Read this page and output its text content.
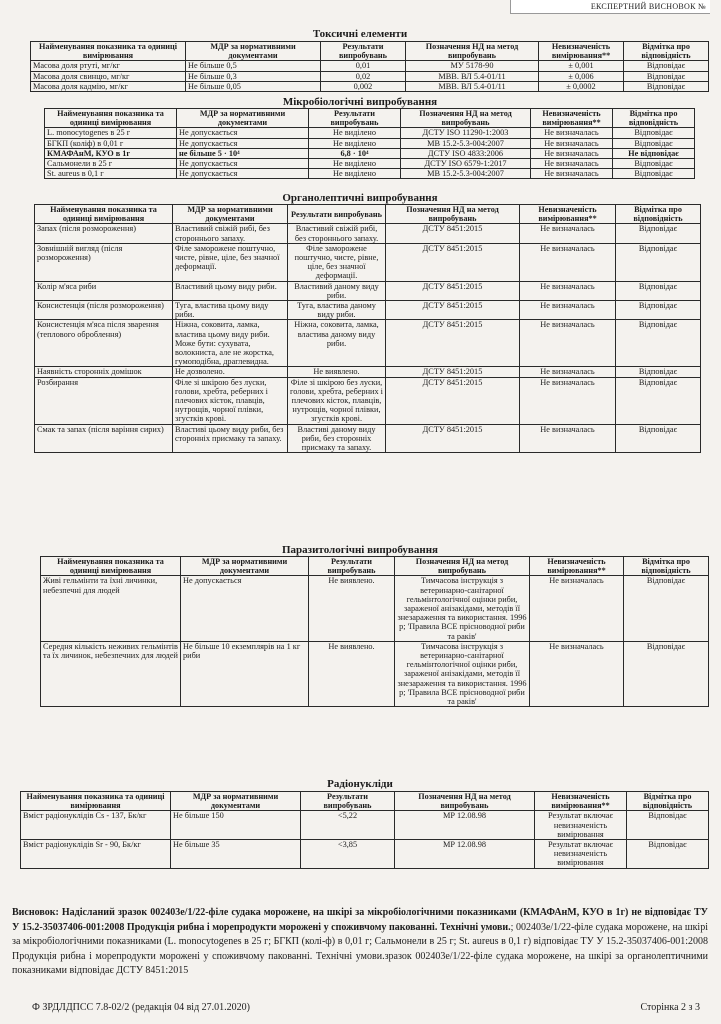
ЕКСПЕРТНИЙ ВИСНОВОК №
Токсичні елементи
Найменування показника та одиниці вимірювання	МДР за нормативними документами	Результати випробувань	Позначення НД на метод випробувань	Невизначеність вимірювання**	Відмітка про відповідність
Масова доля ртуті, мг/кг	Не більше 0,5	0,01	МУ 5178-90	± 0,001	Відповідає
Масова доля свинцю, мг/кг	Не більше 0,3	0,02	МВВ. ВЛ 5.4-01/11	± 0,006	Відповідає
Масова доля кадмію, мг/кг	Не більше 0,05	0,002	МВВ. ВЛ 5.4-01/11	± 0,0002	Відповідає
Мікробіологічні випробування
Найменування показника та одиниці вимірювання	МДР за нормативними документами	Результати випробувань	Позначення НД на метод випробувань	Невизначеність вимірювання**	Відмітка про відповідність
L. monocytogenes в 25 г	Не допускається	Не виділено	ДСТУ ISO 11290-1:2003	Не визначалась	Відповідає
БГКП (коліф) в 0,01 г	Не допускається	Не виділено	МВ 15.2-5.3-004:2007	Не визначалась	Відповідає
КМАФАнМ, КУО в 1г	не більше 5 · 10⁴	6,8 · 10⁴	ДСТУ ISO 4833:2006	Не визначалась	Не відповідає
Сальмонели в 25 г	Не допускається	Не виділено	ДСТУ ISO 6579-1:2017	Не визначалась	Відповідає
St. aureus в 0,1 г	Не допускається	Не виділено	МВ 15.2-5.3-004:2007	Не визначалась	Відповідає
Органолептичні випробування
Найменування показника та одиниці вимірювання	МДР за нормативними документами	Результати випробувань	Позначення НД на метод випробувань	Невизначеність вимірювання**	Відмітка про відповідність
Запах (після розмороження)	Властивий свіжій рибі, без стороннього запаху.	Властивий свіжій рибі, без стороннього запаху.	ДСТУ 8451:2015	Не визначалась	Відповідає
Зовнішній вигляд (після розмороження)	Філе заморожене поштучно, чисте, рівне, ціле, без значної деформації.	Філе заморожене поштучно, чисте, рівне, ціле, без значної деформації.	ДСТУ 8451:2015	Не визначалась	Відповідає
Колір м'яса риби	Властивий цьому виду риби.	Властивий даному виду риби.	ДСТУ 8451:2015	Не визначалась	Відповідає
Консистенція (після розмороження)	Туга, властива цьому виду риби.	Туга, властива даному виду риби.	ДСТУ 8451:2015	Не визначалась	Відповідає
Консистенція м'яса після зварення (теплового оброблення)	Ніжна, соковита, ламка, властива цьому виду риби. Може бути: сухувата, волокниста, але не жорстка, гумоподібна, драглевидна.	Ніжна, соковита, ламка, властива даному виду риби.	ДСТУ 8451:2015	Не визначалась	Відповідає
Наявність сторонніх домішок	Не дозволено.	Не виявлено.	ДСТУ 8451:2015	Не визначалась	Відповідає
Розбирання	Філе зі шкірою без луски, голови, хребта, реберних і плечових кісток, плавців, нутрощів, чорної плівки, згустків крові.	Філе зі шкірою без луски, голови, хребта, реберних і плечових кісток, плавців, нутрощів, чорної плівки, згустків крові.	ДСТУ 8451:2015	Не визначалась	Відповідає
Смак та запах (після варіння сирих)	Властиві цьому виду риби, без сторонніх присмаку та запаху.	Властиві даному виду риби, без сторонніх присмаку та запаху.	ДСТУ 8451:2015	Не визначалась	Відповідає
Паразитологічні випробування
Найменування показника та одиниці вимірювання	МДР за нормативними документами	Результати випробувань	Позначення НД на метод випробувань	Невизначеність вимірювання**	Відмітка про відповідність
Живі гельмінти та їхні личинки, небезпечні для людей	Не допускається	Не виявлено.	Тимчасова інструкція з ветеринарно-санітарної гельмінтологічної оцінки риби, зараженої анізакідами, методів її знезараження та використання. 1996 р; 'Правила ВСЕ прісноводної риби та раків'	Не визначалась	Відповідає
Середня кількість неживих гельмінтів та їх личинок, небезпечних для людей	Не більше 10 екземплярів на 1 кг риби	Не виявлено.	Тимчасова інструкція з ветеринарно-санітарної гельмінтологічної оцінки риби, зараженої анізакідами, методів її знезараження та використання. 1996 р; 'Правила ВСЕ прісноводної риби та раків'	Не визначалась	Відповідає
Радіонукліди
Найменування показника та одиниці вимірювання	МДР за нормативними документами	Результати випробувань	Позначення НД на метод випробувань	Невизначеність вимірювання**	Відмітка про відповідність
Вміст радіонуклідів Cs - 137, Бк/кг	Не більше 150	<5,22	МР 12.08.98	Результат включає невизначеність вимірювання	Відповідає
Вміст радіонуклідів Sr - 90, Бк/кг	Не більше 35	<3,85	МР 12.08.98	Результат включає невизначеність вимірювання	Відповідає
Висновок: Надісланий зразок 002403е/1/22-філе судака морожене, на шкірі за мікробіологічними показниками (КМАФАнМ, КУО в 1г) не відповідає ТУ У 15.2-35037406-001:2008 Продукція рибна і морепродукти морожені у споживчому пакованні. Технічні умови.; 002403е/1/22-філе судака морожене, на шкірі за мікробіологічними показниками (L. monocytogenes в 25 г; БГКП (колі-ф) в 0,01 г; Сальмонели в 25 г; St. aureus в 0,1 г) відповідає ТУ У 15.2-35037406-001:2008 Продукція рибна і морепродукти морожені у споживчому пакованні. Технічні умови.зразок 002403е/1/22-філе судака морожене, на шкірі за органолептичними показниками відповідає ДСТУ 8451:2015
Ф ЗРДЛДПСС 7.8-02/2 (редакція 04 від 27.01.2020)	Сторінка 2 з 3
